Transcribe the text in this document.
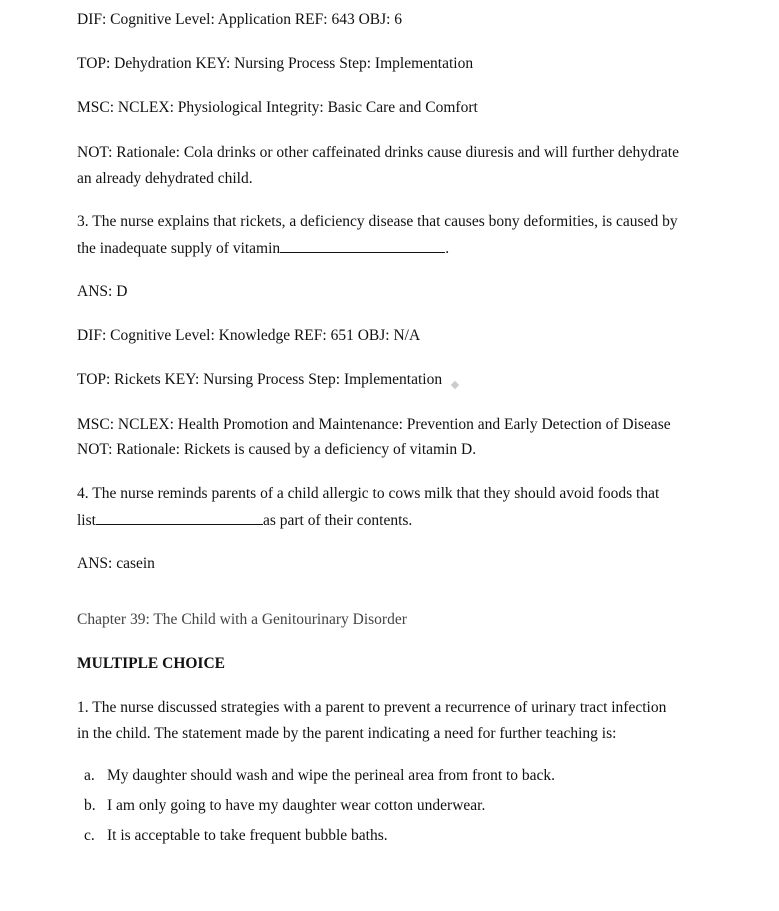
DIF: Cognitive Level: Application REF: 643 OBJ: 6
TOP: Dehydration KEY: Nursing Process Step: Implementation
MSC: NCLEX: Physiological Integrity: Basic Care and Comfort
NOT: Rationale: Cola drinks or other caffeinated drinks cause diuresis and will further dehydrate
an already dehydrated child.
3. The nurse explains that rickets, a deficiency disease that causes bony deformities, is caused by
the inadequate supply of vitamin	.
ANS: D
DIF: Cognitive Level: Knowledge REF: 651 OBJ: N/A
TOP: Rickets KEY: Nursing Process Step: Implementation
MSC: NCLEX: Health Promotion and Maintenance: Prevention and Early Detection of Disease
NOT: Rationale: Rickets is caused by a deficiency of vitamin D.
4. The nurse reminds parents of a child allergic to cows milk that they should avoid foods that
list	as part of their contents.
ANS: casein
Chapter 39: The Child with a Genitourinary Disorder
MULTIPLE CHOICE
1. The nurse discussed strategies with a parent to prevent a recurrence of urinary tract infection
in the child. The statement made by the parent indicating a need for further teaching is:
a. My daughter should wash and wipe the perineal area from front to back.
b. I am only going to have my daughter wear cotton underwear.
c. It is acceptable to take frequent bubble baths.
